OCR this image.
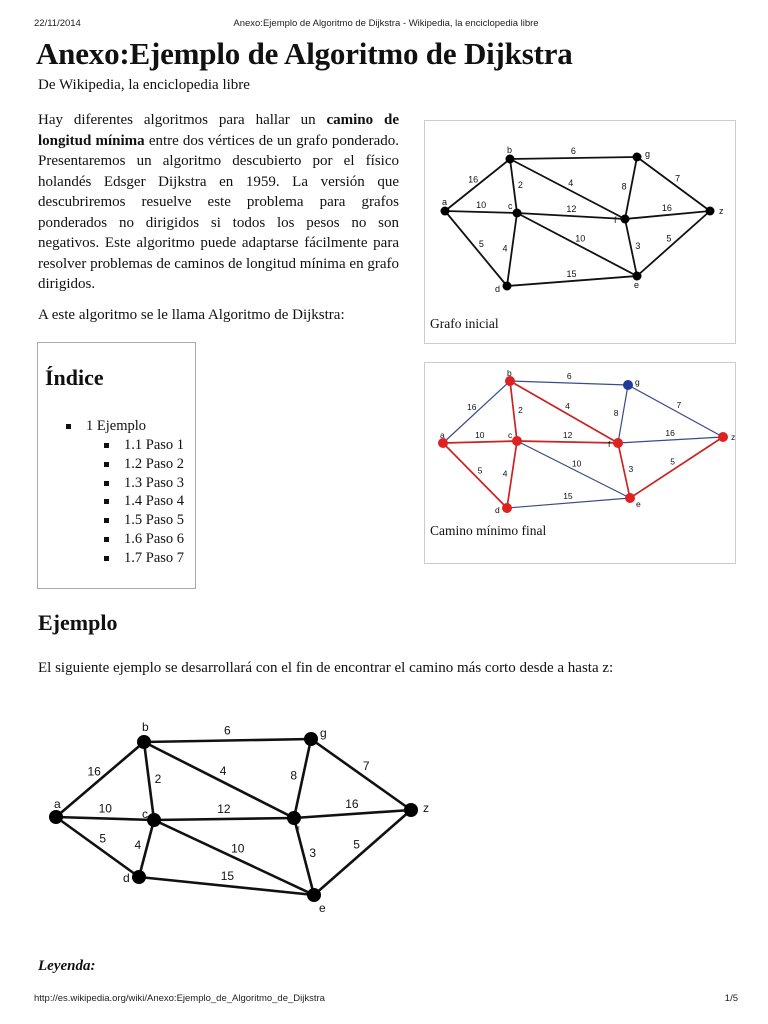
22/11/2014	Anexo:Ejemplo de Algoritmo de Dijkstra - Wikipedia, la enciclopedia libre
Anexo:Ejemplo de Algoritmo de Dijkstra
De Wikipedia, la enciclopedia libre

Hay diferentes algoritmos para hallar un camino de longitud mínima entre dos vértices de un grafo ponderado. Presentaremos un algoritmo descubierto por el físico holandés Edsger Dijkstra en 1959. La versión que descubriremos resuelve este problema para grafos ponderados no dirigidos si todos los pesos no son negativos. Este algoritmo puede adaptarse fácilmente para resolver problemas de caminos de longitud mínima en grafo dirigidos.

A este algoritmo se le llama Algoritmo de Dijkstra:

16
10
5
2
6
4
12
4
10
15
3
5
8
16
7
a
b
c
d	e
f
g
z
Grafo inicial
16
10
5
2
6
4
12
4
10
15
3
5
8
16
7
a
b
c
d
e
f
g
z
Camino mínimo final
Índice
1 Ejemplo
1.1 Paso 1
1.2 Paso 2
1.3 Paso 3
1.4 Paso 4
1.5 Paso 5
1.6 Paso 6
1.7 Paso 7
Ejemplo

El siguiente ejemplo se desarrollará con el fin de encontrar el camino más corto desde a hasta z:

16
10
5
2
6
4
12
4	10
15
3
5
8
16
7
a
b
c
d
e
f
g
z
Leyenda:
http://es.wikipedia.org/wiki/Anexo:Ejemplo_de_Algoritmo_de_Dijkstra	1/5
